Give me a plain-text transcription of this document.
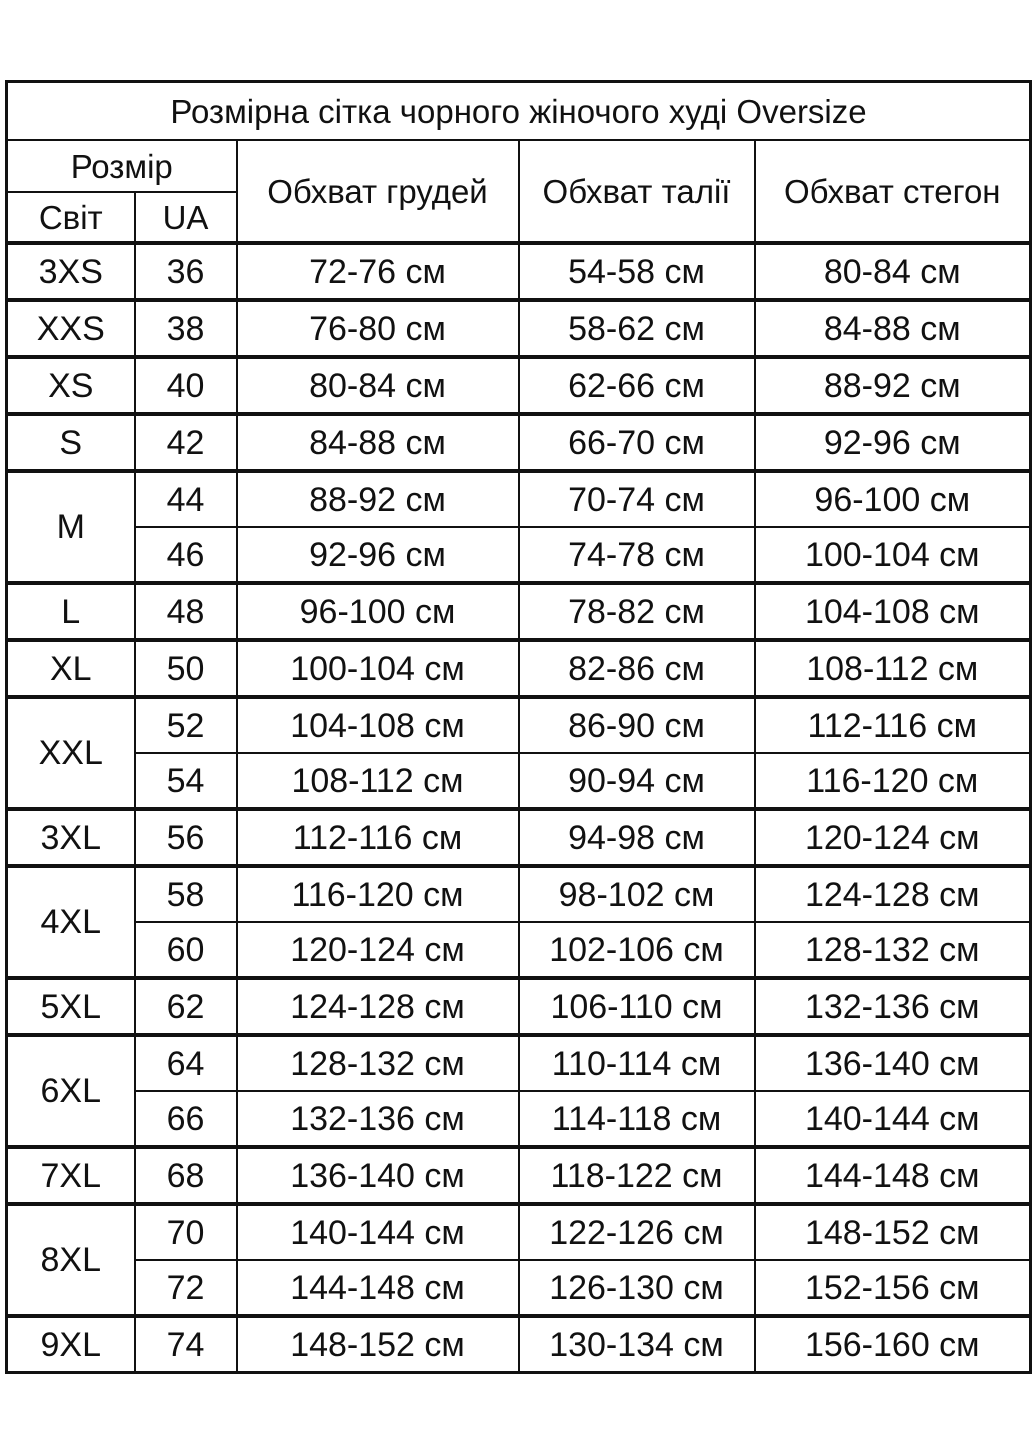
Розмірна сітка чорного жіночого худі Oversize				
Розмір		Обхват грудей	Обхват талії	Обхват стегон
Світ	UA			
3XS	36	72-76 см	54-58 см	80-84 см
XXS	38	76-80 см	58-62 см	84-88 см
XS	40	80-84 см	62-66 см	88-92 см
S	42	84-88 см	66-70 см	92-96 см
M	44	88-92 см	70-74 см	96-100 см
	46	92-96 см	74-78 см	100-104 см
L	48	96-100 см	78-82 см	104-108 см
XL	50	100-104 см	82-86 см	108-112 см
XXL	52	104-108 см	86-90 см	112-116 см
	54	108-112 см	90-94 см	116-120 см
3XL	56	112-116 см	94-98 см	120-124 см
4XL	58	116-120 см	98-102 см	124-128 см
	60	120-124 см	102-106 см	128-132 см
5XL	62	124-128 см	106-110 см	132-136 см
6XL	64	128-132 см	110-114 см	136-140 см
	66	132-136 см	114-118 см	140-144 см
7XL	68	136-140 см	118-122 см	144-148 см
8XL	70	140-144 см	122-126 см	148-152 см
	72	144-148 см	126-130 см	152-156 см
9XL	74	148-152 см	130-134 см	156-160 см
